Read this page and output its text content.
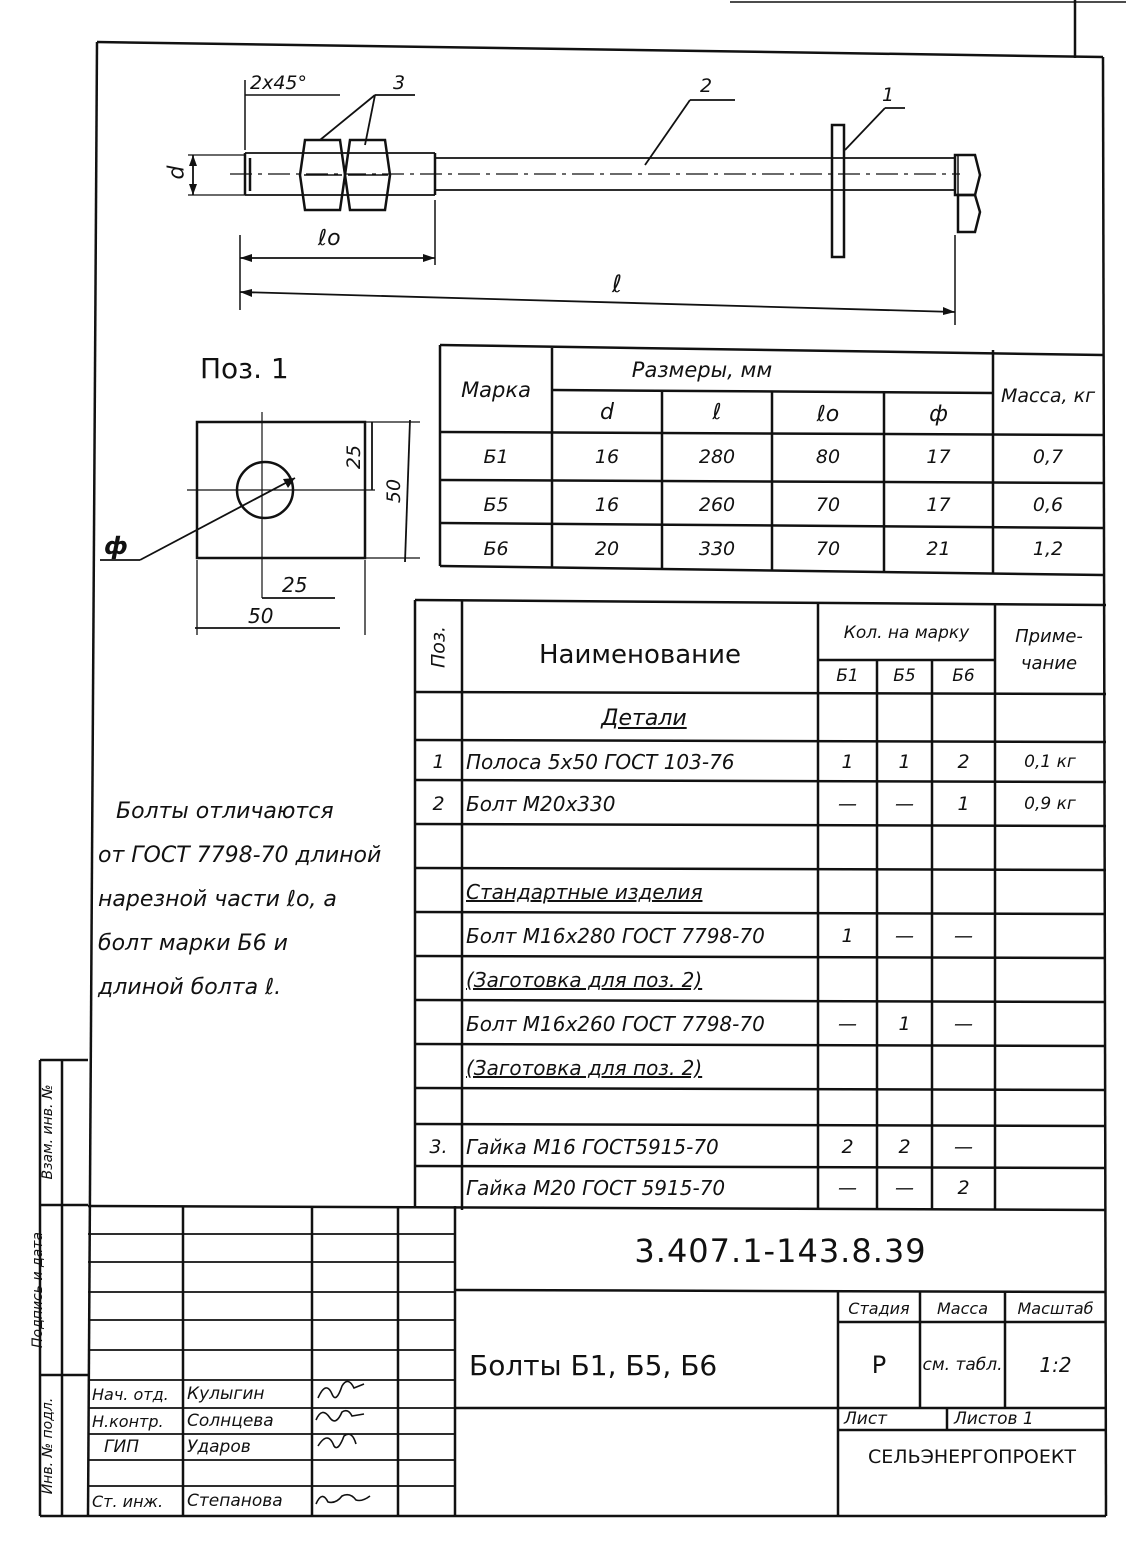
2x45°	3	2	1
d
ℓo
ℓ
Поз. 1
25
50
25
50
ф
Марка
Размеры, мм
Масса, кг
d	ℓ	ℓo	ф
Б1	16	280	80	17	0,7
Б5	16	260	70	17	0,6
Б6	20	330	70	21	1,2
Поз.	Наименование
Кол. на марку
Б1	Б5	Б6
Приме- чание
Детали
1	Полоса 5х50 ГОСТ 103-76	1	1	2	0,1 кг
2	Болт М20х330	—	—	1	0,9 кг
Стандартные изделия
Болт М16х280 ГОСТ 7798-70	1	—	—
(Заготовка для поз. 2)
Болт М16х260 ГОСТ 7798-70	—	1	—
(Заготовка для поз. 2)
3. Гайка М16 ГОСТ5915-70	2	2	—
Гайка М20 ГОСТ 5915-70	—	—	2
Болты отличаются
от ГОСТ 7798-70 длиной
нарезной части ℓо, а
болт марки Б6 и
длиной болта ℓ.
3.407.1-143.8.39
Болты Б1, Б5, Б6
Стадия	Масса	Масштаб
Р	см. табл.	1:2
Лист	Листов 1
СЕЛЬЭНЕРГОПРОЕКТ
Нач. отд.	Кулыгин
Н.контр.	Солнцева
ГИП	Ударов
Ст. инж.	Степанова
Взам. инв. №
Подпись и дата
Инв. № подл.
